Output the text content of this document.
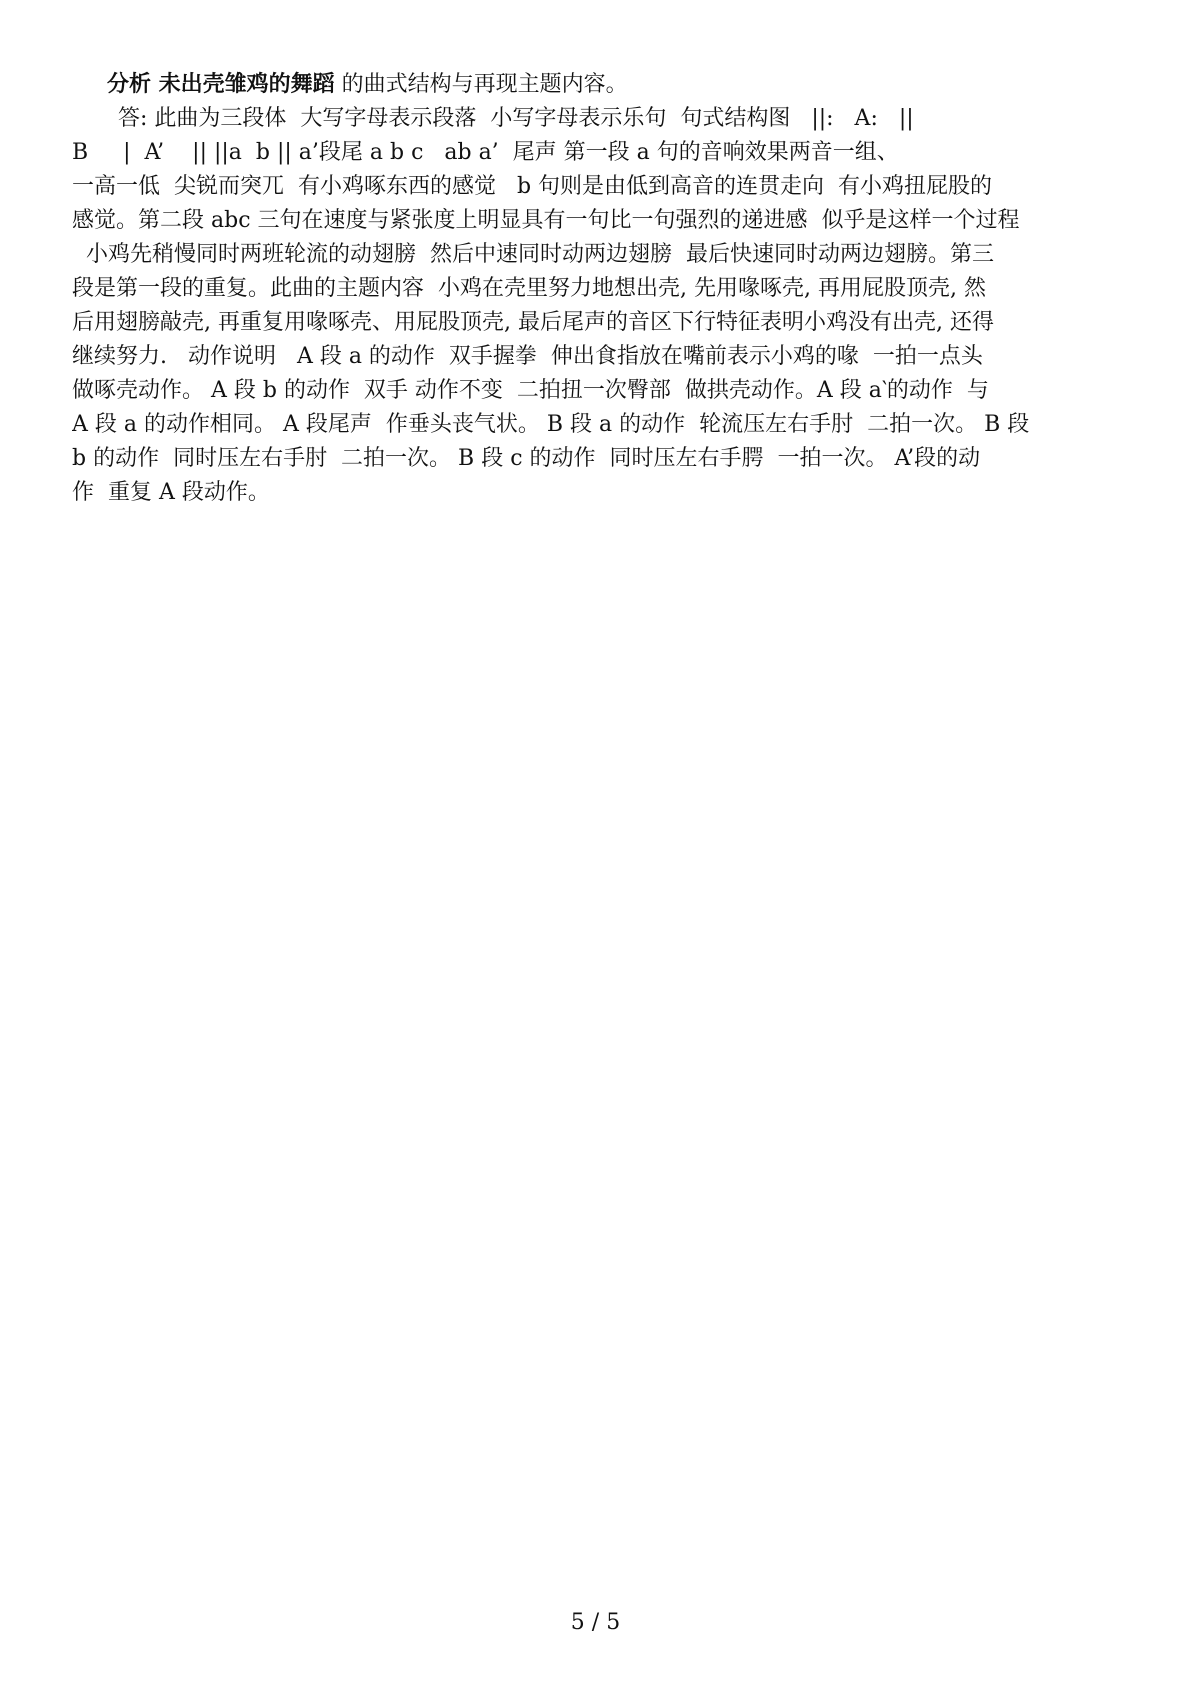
分析 未出壳雏鸡的舞蹈 的曲式结构与再现主题内容。
答: 此曲为三段体  大写字母表示段落  小写字母表示乐句  句式结构图   ||:   A:   ||
B     |  A’    || ||a  b || a’段尾 a b c   ab a’  尾声 第一段 a 句的音响效果两音一组、
一高一低  尖锐而突兀  有小鸡啄东西的感觉   b 句则是由低到高音的连贯走向  有小鸡扭屁股的
感觉。第二段 abc 三句在速度与紧张度上明显具有一句比一句强烈的递进感  似乎是这样一个过程
小鸡先稍慢同时两班轮流的动翅膀  然后中速同时动两边翅膀  最后快速同时动两边翅膀。第三
段是第一段的重复。此曲的主题内容  小鸡在壳里努力地想出壳, 先用喙啄壳, 再用屁股顶壳, 然
后用翅膀敲壳, 再重复用喙啄壳、用屁股顶壳, 最后尾声的音区下行特征表明小鸡没有出壳, 还得
继续努力.   动作说明   A 段 a 的动作  双手握拳  伸出食指放在嘴前表示小鸡的喙  一拍一点头
做啄壳动作。 A 段 b 的动作  双手 动作不变  二拍扭一次臀部  做拱壳动作。A 段 a‵的动作  与
A 段 a 的动作相同。 A 段尾声  作垂头丧气状。 B 段 a 的动作  轮流压左右手肘  二拍一次。 B 段
b 的动作  同时压左右手肘  二拍一次。 B 段 c 的动作  同时压左右手腭  一拍一次。 A’段的动
作  重复 A 段动作。
5 / 5
